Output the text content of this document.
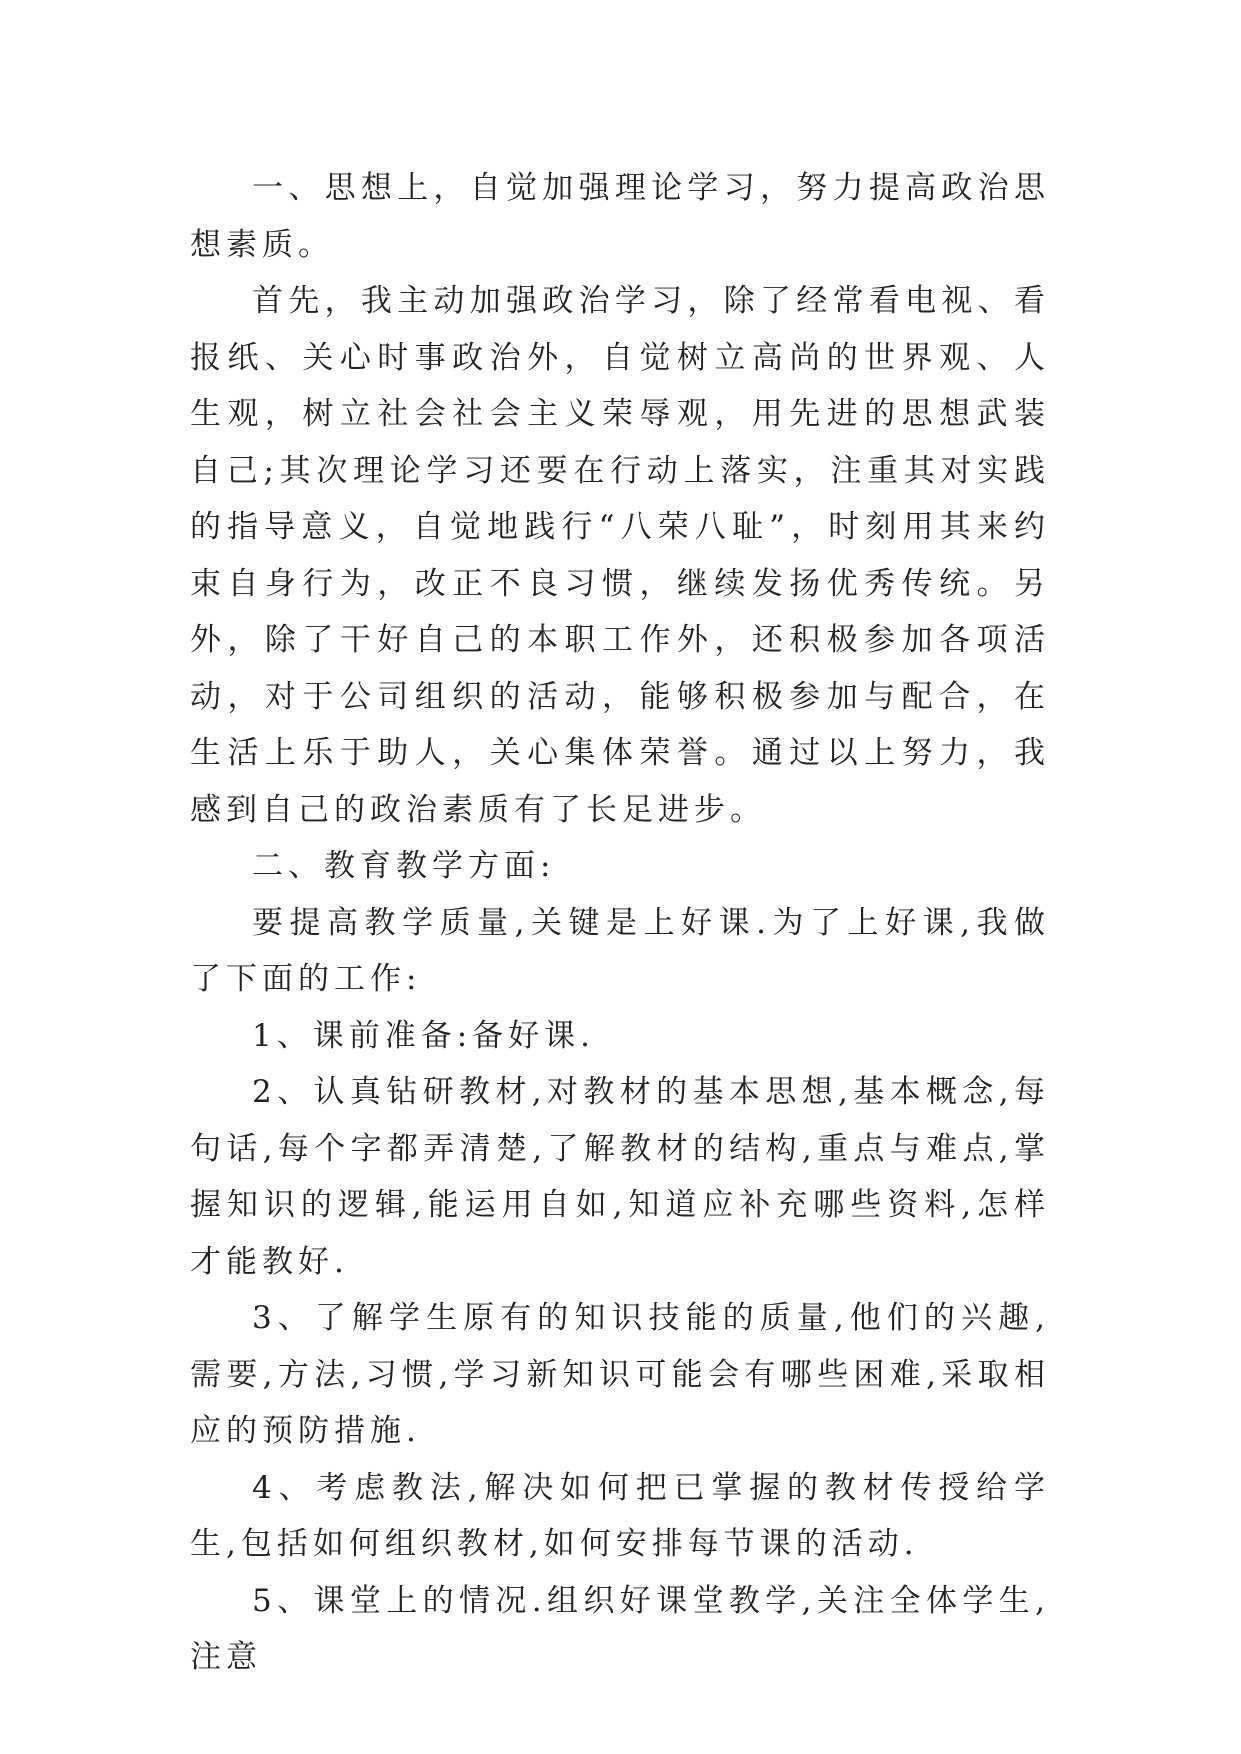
一、思想上，自觉加强理论学习，努力提高政治思想素质。

首先，我主动加强政治学习，除了经常看电视、看报纸、关心时事政治外，自觉树立高尚的世界观、人生观，树立社会社会主义荣辱观，用先进的思想武装自己;其次理论学习还要在行动上落实，注重其对实践的指导意义，自觉地践行“八荣八耻”，时刻用其来约束自身行为，改正不良习惯，继续发扬优秀传统。另外，除了干好自己的本职工作外，还积极参加各项活动，对于公司组织的活动，能够积极参加与配合，在生活上乐于助人，关心集体荣誉。通过以上努力，我感到自己的政治素质有了长足进步。

二、教育教学方面:

要提高教学质量,关键是上好课.为了上好课,我做了下面的工作:

1、课前准备:备好课.

2、认真钻研教材,对教材的基本思想,基本概念,每句话,每个字都弄清楚,了解教材的结构,重点与难点,掌握知识的逻辑,能运用自如,知道应补充哪些资料,怎样才能教好.

3、了解学生原有的知识技能的质量,他们的兴趣,需要,方法,习惯,学习新知识可能会有哪些困难,采取相应的预防措施.

4、考虑教法,解决如何把已掌握的教材传授给学生,包括如何组织教材,如何安排每节课的活动.

5、课堂上的情况.组织好课堂教学,关注全体学生,注意
